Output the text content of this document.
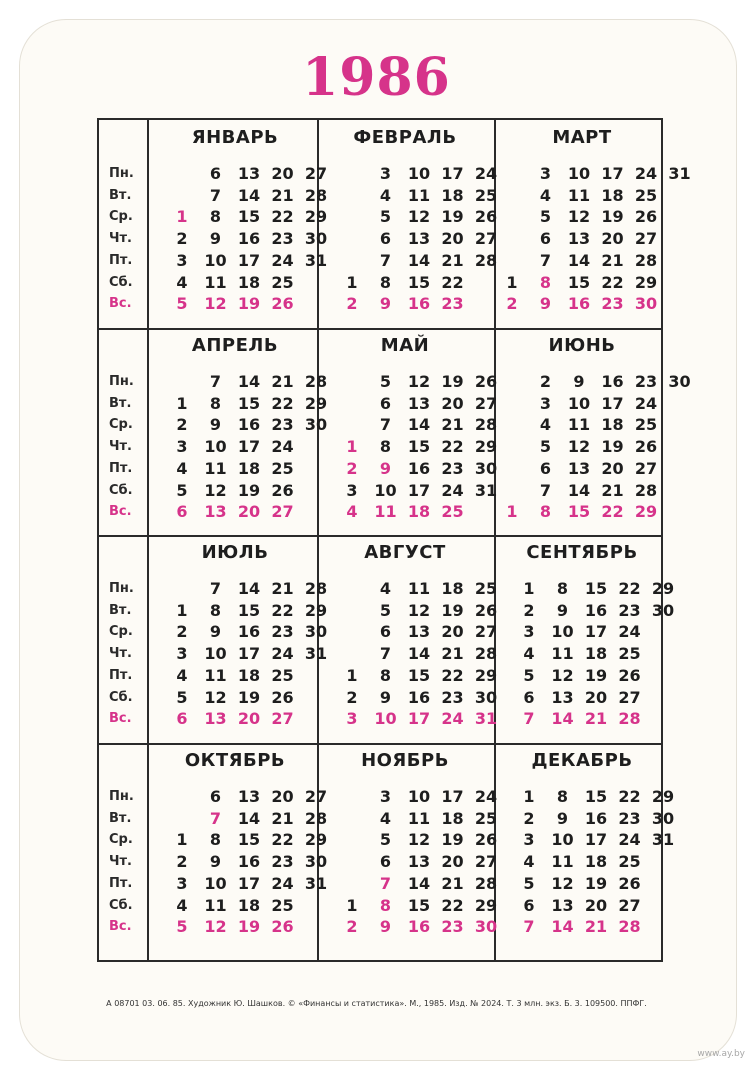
1986
Пн.
Вт.
Ср.
Чт.
Пт.
Сб.
Вс.
Пн.
Вт.
Ср.
Чт.
Пт.
Сб.
Вс.
Пн.
Вт.
Ср.
Чт.
Пт.
Сб.
Вс.
Пн.
Вт.
Ср.
Чт.
Пт.
Сб.
Вс.
ЯНВАРЬ
1
2
3
4
5
6
7
8
9
10
11
12
13
14
15
16
17
18
19
20
21
22
23
24
25
26
27
28
29
30
31
ФЕВРАЛЬ
1
2
3
4
5
6
7
8
9
10
11
12
13
14
15
16
17
18
19
20
21
22
23
24
25
26
27
28
МАРТ
1
2
3
4
5
6
7
8
9
10
11
12
13
14
15
16
17
18
19
20
21
22
23
24
25
26
27
28
29
30
31
АПРЕЛЬ
1
2
3
4
5
6
7
8
9
10
11
12
13
14
15
16
17
18
19
20
21
22
23
24
25
26
27
28
29
30
МАЙ
1
2
3
4
5
6
7
8
9
10
11
12
13
14
15
16
17
18
19
20
21
22
23
24
25
26
27
28
29
30
31
ИЮНЬ
1
2
3
4
5
6
7
8
9
10
11
12
13
14
15
16
17
18
19
20
21
22
23
24
25
26
27
28
29
30
ИЮЛЬ
1
2
3
4
5
6
7
8
9
10
11
12
13
14
15
16
17
18
19
20
21
22
23
24
25
26
27
28
29
30
31
АВГУСТ
1
2
3
4
5
6
7
8
9
10
11
12
13
14
15
16
17
18
19
20
21
22
23
24
25
26
27
28
29
30
31
СЕНТЯБРЬ
1
2
3
4
5
6
7
8
9
10
11
12
13
14
15
16
17
18
19
20
21
22
23
24
25
26
27
28
29
30
ОКТЯБРЬ
1
2
3
4
5
6
7
8
9
10
11
12
13
14
15
16
17
18
19
20
21
22
23
24
25
26
27
28
29
30
31
НОЯБРЬ
1
2
3
4
5
6
7
8
9
10
11
12
13
14
15
16
17
18
19
20
21
22
23
24
25
26
27
28
29
30
ДЕКАБРЬ
1
2
3
4
5
6
7
8
9
10
11
12
13
14
15
16
17
18
19
20
21
22
23
24
25
26
27
28
29
30
31
А 08701 03. 06. 85. Художник Ю. Шашков. © «Финансы и статистика». М., 1985. Изд. № 2024. Т. 3 млн. экз. Б. 3. 109500. ППФГ.
www.ay.by
